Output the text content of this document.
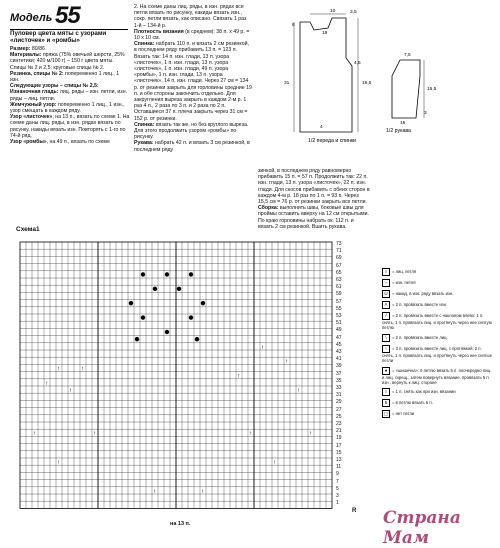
Модель 55
Пуловер цвета мяты с узорами «листочек» и «ромбы»

Размер: 80/86

Материалы: пряжа (75% овечьей шерсти, 25% синтетики; 420 м/100 г) – 150 г цвета мяты. Спицы № 2 и 2,5; круговые спицы № 2.

Резинка, спицы № 2: попеременно 1 лиц., 1 изн.

Следующие узоры – спицы № 2,5:

Изнаночная гладь: лиц. ряды – изн. петли, изн. ряды – лиц. петли.

Жемчужный узор: попеременно 1 лиц., 1 изн., узор смещать в каждом ряду.

Узор «листочек», на 13 п., вязать по схеме 1. На схеме даны лиц. ряды, в изн. рядах вязать по рисунку, накиды вязать изн. Повторять с 1-го по 74-й ряд.

Узор «ромбы», на 49 п., вязать по схеме

2. На схеме даны лиц. ряды, в изн. рядах все петли вязать по рисунку, накиды вязать изн., сокр. петли вязать, как описано. Связать 1 раз 1-й – 134-й р.

Плотность вязания (в среднем): 38 п. x 49 р. = 10 x 10 см.

Спинка: набрать 110 п. и вязать 2 см резинкой, в последнем ряду прибавить 13 п. = 123 п. Вязать так: 14 п. изн. глади, 13 п. узора «листочек», 1 п. изн. глади, 13 п. узора «листочек», 1 п. изн. глади, 49 п. узора «ромбы», 1 п. изн. глади, 13 п. узора «листочек», 14 п. изн. глади. Через 27 см = 134 р. от резинки закрыть для горловины средние 19 п. и обе стороны закончить отдельно. Для закругления выреза закрыть в каждом 2-м р. 1 раз 4 п., 2 раза по 3 п. и 2 раза по 2 п. Оставшиеся 37 п. плеча закрыть через 31 см = 152 р. от резинки.

Спинка: вязать так же, но без круглого выреза. Для этого продолжить узором «ромбы» по рисунку.

Рукава: набрать 42 п. и вязать 3 см резинкой, в последнем ряду

зинкой, в последнем ряду равномерно прибавить 15 п. = 57 п. Продолжить так: 22 п. изн. глади, 13 п. узора «листочек», 22 п. изн. глади. Для скосов прибавить с обеих сторон в каждом 4-м р. 18 раз по 1 п. = 93 п. Через 15,5 см = 76 р. от резинки закрыть все петли.

Сборка: выполнить швы, боковые швы для проймы оставить вверху на 12 см открытыми. По краю горловины набрать ок. 112 п. и вязать 2 см резинкой. Вшить рукава.

1/2 переда и спинки
3,5
6
15,5
31
19
10
4,5
4
1/2 рукава
15,5
7,5
15
3
Схема1
↑	↑
↑
↑
↑
↑
↑
↑
↑	↑	↑	↑
↑	↑
↑	↑
на 13 п.
R
73
71
69
67
65
63
61
59
57
55
53
51
49
47
45
43
41
39
37
35
33
31
29
27
25
23
21
19
17
15
13
11
9
7
5
3
1
I = лиц. петля
– = изн. петля
U = накид, в изн. ряду вязать изн.
Λ = 2 п. провязать вместе изн.
/ = 2 п. провязать вместе с наклоном влево: 1 п. снять, 1 п. провязать лиц. и протянуть через нее снятую петлю
\ = 2 п. провязать вместе лиц.
↑ = 3 п. провязать вместе лиц. с протяжкой: 2 п. снять, 1 п. провязать лиц. и протянуть через нее снятые петли
● = «шишечка»: в петлю вязать 5 п. поочередно лиц. и лиц. скрещ., затем повернуть вязание, провязать 5 п. изн., вернуть к лиц. стороне
○ = 1 п. снять как при изн. вязании
5 = в петлю вязать 5 п.
▢ = нет петли
Страна Мам
